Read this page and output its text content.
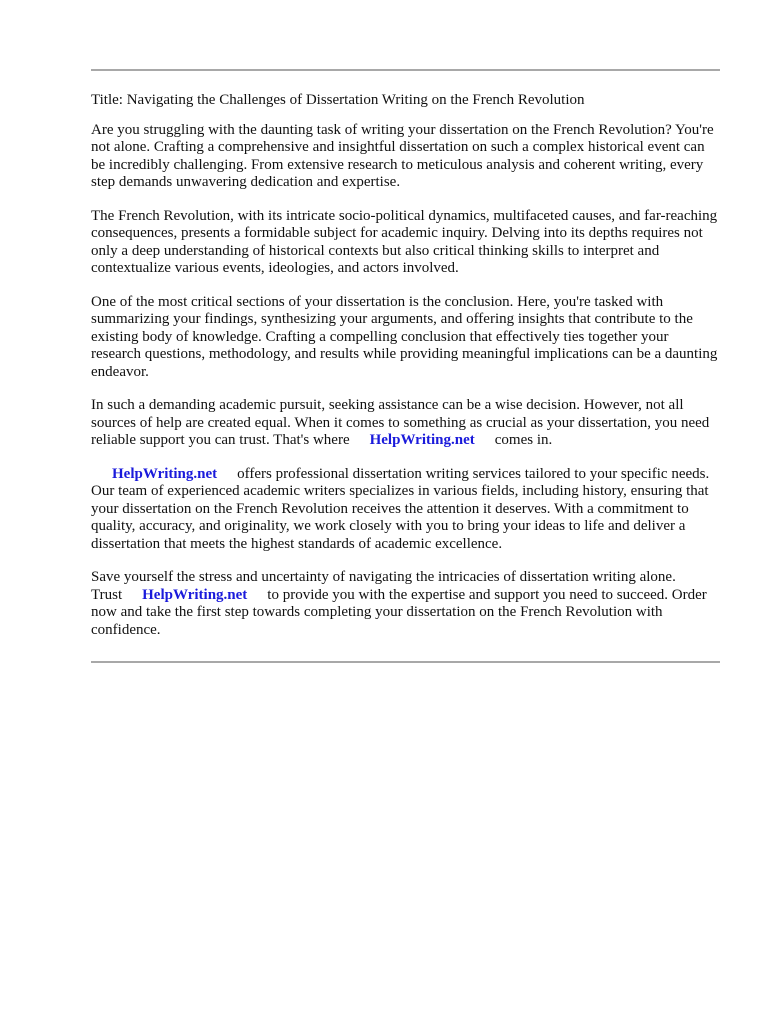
Title: Navigating the Challenges of Dissertation Writing on the French Revolution

Are you struggling with the daunting task of writing your dissertation on the French Revolution? You're not alone. Crafting a comprehensive and insightful dissertation on such a complex historical event can be incredibly challenging. From extensive research to meticulous analysis and coherent writing, every step demands unwavering dedication and expertise.

The French Revolution, with its intricate socio-political dynamics, multifaceted causes, and far-reaching consequences, presents a formidable subject for academic inquiry. Delving into its depths requires not only a deep understanding of historical contexts but also critical thinking skills to interpret and contextualize various events, ideologies, and actors involved.

One of the most critical sections of your dissertation is the conclusion. Here, you're tasked with summarizing your findings, synthesizing your arguments, and offering insights that contribute to the existing body of knowledge. Crafting a compelling conclusion that effectively ties together your research questions, methodology, and results while providing meaningful implications can be a daunting endeavor.

In such a demanding academic pursuit, seeking assistance can be a wise decision. However, not all sources of help are created equal. When it comes to something as crucial as your dissertation, you need reliable support you can trust. That's where HelpWriting.net comes in.

HelpWriting.net offers professional dissertation writing services tailored to your specific needs. Our team of experienced academic writers specializes in various fields, including history, ensuring that your dissertation on the French Revolution receives the attention it deserves. With a commitment to quality, accuracy, and originality, we work closely with you to bring your ideas to life and deliver a dissertation that meets the highest standards of academic excellence.

Save yourself the stress and uncertainty of navigating the intricacies of dissertation writing alone. Trust HelpWriting.net to provide you with the expertise and support you need to succeed. Order now and take the first step towards completing your dissertation on the French Revolution with confidence.
